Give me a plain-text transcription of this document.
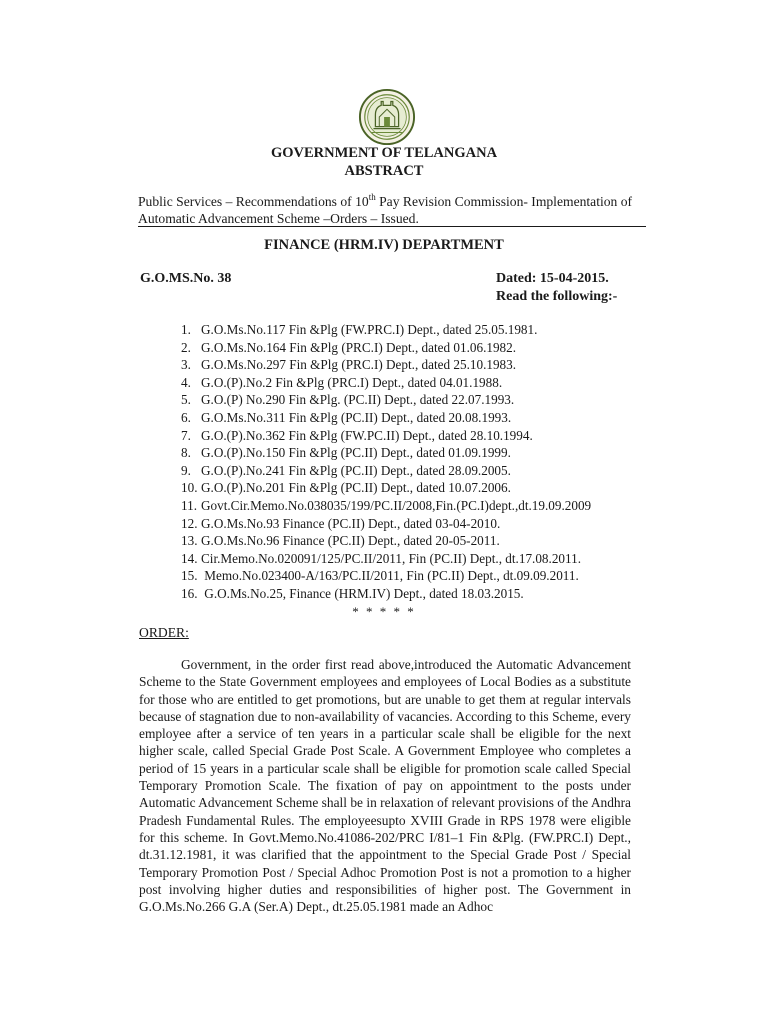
GOVERNMENT OF TELANGANA
ABSTRACT
Public Services – Recommendations of 10th Pay Revision Commission- Implementation of Automatic Advancement Scheme –Orders – Issued.
FINANCE (HRM.IV) DEPARTMENT
G.O.MS.No. 38	Dated: 15-04-2015.
Read the following:-
1. G.O.Ms.No.117 Fin &Plg (FW.PRC.I) Dept., dated 25.05.1981.
2. G.O.Ms.No.164 Fin &Plg (PRC.I) Dept., dated 01.06.1982.
3. G.O.Ms.No.297 Fin &Plg (PRC.I) Dept., dated 25.10.1983.
4. G.O.(P).No.2 Fin &Plg (PRC.I) Dept., dated 04.01.1988.
5. G.O.(P) No.290 Fin &Plg. (PC.II) Dept., dated 22.07.1993.
6. G.O.Ms.No.311 Fin &Plg (PC.II) Dept., dated 20.08.1993.
7. G.O.(P).No.362 Fin &Plg (FW.PC.II) Dept., dated 28.10.1994.
8. G.O.(P).No.150 Fin &Plg (PC.II) Dept., dated 01.09.1999.
9. G.O.(P).No.241 Fin &Plg (PC.II) Dept., dated 28.09.2005.
10. G.O.(P).No.201 Fin &Plg (PC.II) Dept., dated 10.07.2006.
11. Govt.Cir.Memo.No.038035/199/PC.II/2008,Fin.(PC.I)dept.,dt.19.09.2009
12. G.O.Ms.No.93 Finance (PC.II) Dept., dated 03-04-2010.
13. G.O.Ms.No.96 Finance (PC.II) Dept., dated 20-05-2011.
14. Cir.Memo.No.020091/125/PC.II/2011, Fin (PC.II) Dept., dt.17.08.2011.
15. Memo.No.023400-A/163/PC.II/2011, Fin (PC.II) Dept., dt.09.09.2011.
16. G.O.Ms.No.25, Finance (HRM.IV) Dept., dated 18.03.2015.
* * * * *
ORDER:

Government, in the order first read above,introduced the Automatic Advancement Scheme to the State Government employees and employees of Local Bodies as a substitute for those who are entitled to get promotions, but are unable to get them at regular intervals because of stagnation due to non-availability of vacancies. According to this Scheme, every employee after a service of ten years in a particular scale shall be eligible for the next higher scale, called Special Grade Post Scale. A Government Employee who completes a period of 15 years in a particular scale shall be eligible for promotion scale called Special Temporary Promotion Scale. The fixation of pay on appointment to the posts under Automatic Advancement Scheme shall be in relaxation of relevant provisions of the Andhra Pradesh Fundamental Rules. The employeesupto XVIII Grade in RPS 1978 were eligible for this scheme. In Govt.Memo.No.41086-202/PRC I/81–1 Fin &Plg. (FW.PRC.I) Dept., dt.31.12.1981, it was clarified that the appointment to the Special Grade Post / Special Temporary Promotion Post / Special Adhoc Promotion Post is not a promotion to a higher post involving higher duties and responsibilities of higher post. The Government in G.O.Ms.No.266 G.A (Ser.A) Dept., dt.25.05.1981 made an Adhoc
